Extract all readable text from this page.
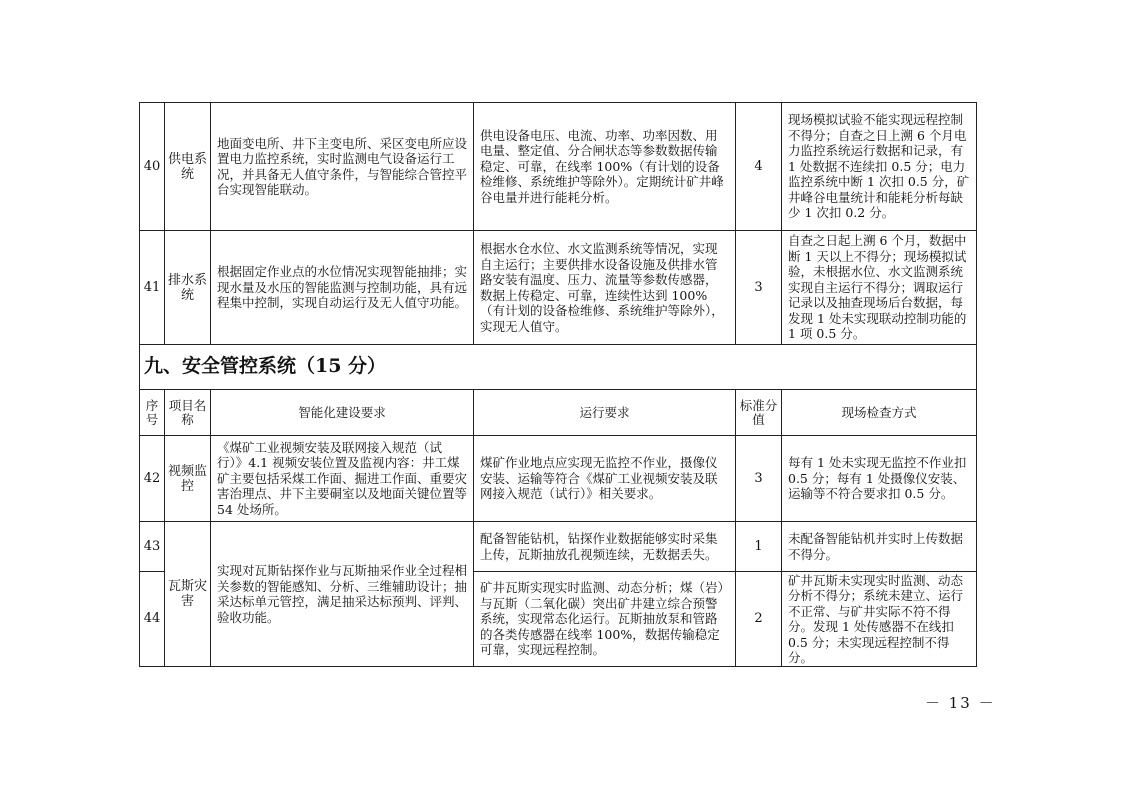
40	供电系统	地面变电所、井下主变电所、采区变电所应设置电力监控系统，实时监测电气设备运行工况，并具备无人值守条件，与智能综合管控平台实现智能联动。	供电设备电压、电流、功率、功率因数、用电量、整定值、分合闸状态等参数数据传输稳定、可靠，在线率 100%（有计划的设备检维修、系统维护等除外）。定期统计矿井峰谷电量并进行能耗分析。	4	现场模拟试验不能实现远程控制不得分；自查之日上溯 6 个月电力监控系统运行数据和记录，有 1 处数据不连续扣 0.5 分；电力监控系统中断 1 次扣 0.5 分，矿井峰谷电量统计和能耗分析每缺少 1 次扣 0.2 分。
41	排水系统	根据固定作业点的水位情况实现智能抽排；实现水量及水压的智能监测与控制功能，具有远程集中控制，实现自动运行及无人值守功能。	根据水仓水位、水文监测系统等情况，实现自主运行；主要供排水设备设施及供排水管路安装有温度、压力、流量等参数传感器，数据上传稳定、可靠，连续性达到 100%（有计划的设备检维修、系统维护等除外），实现无人值守。	3	自查之日起上溯 6 个月，数据中断 1 天以上不得分；现场模拟试验，未根据水位、水文监测系统实现自主运行不得分；调取运行记录以及抽查现场后台数据，每发现 1 处未实现联动控制功能的 1 项 0.5 分。
九、安全管控系统（15 分）					
序号	项目名称	智能化建设要求	运行要求	标准分值	现场检查方式
42	视频监控	《煤矿工业视频安装及联网接入规范（试行）》4.1 视频安装位置及监视内容：井工煤矿主要包括采煤工作面、掘进工作面、重要灾害治理点、井下主要硐室以及地面关键位置等 54 处场所。	煤矿作业地点应实现无监控不作业，摄像仪安装、运输等符合《煤矿工业视频安装及联网接入规范（试行）》相关要求。	3	每有 1 处未实现无监控不作业扣 0.5 分；每有 1 处摄像仪安装、运输等不符合要求扣 0.5 分。
43	瓦斯灾害	实现对瓦斯钻探作业与瓦斯抽采作业全过程相关参数的智能感知、分析、三维辅助设计；抽采达标单元管控，满足抽采达标预判、评判、验收功能。	配备智能钻机，钻探作业数据能够实时采集上传，瓦斯抽放孔视频连续，无数据丢失。	1	未配备智能钻机并实时上传数据不得分。
44			矿井瓦斯实现实时监测、动态分析；煤（岩）与瓦斯（二氧化碳）突出矿井建立综合预警系统，实现常态化运行。瓦斯抽放泵和管路的各类传感器在线率 100%，数据传输稳定可靠，实现远程控制。	2	矿井瓦斯未实现实时监测、动态分析不得分；系统未建立、运行不正常、与矿井实际不符不得分。发现 1 处传感器不在线扣 0.5 分；未实现远程控制不得分。
－ 13 －
